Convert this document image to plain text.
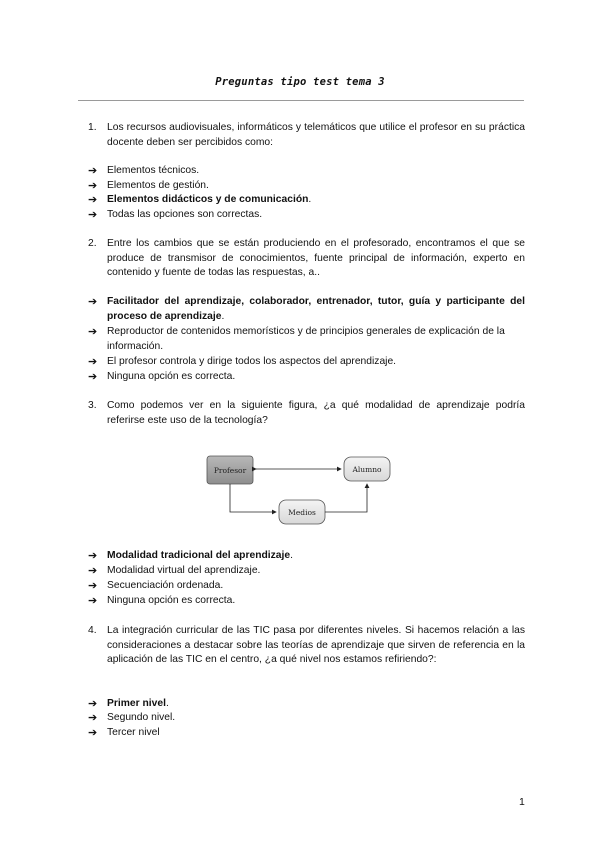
Preguntas tipo test tema 3
1. Los recursos audiovisuales, informáticos y telemáticos que utilice el profesor en su práctica docente deben ser percibidos como:
➔ Elementos técnicos.
➔ Elementos de gestión.
➔ Elementos didácticos y de comunicación.
➔ Todas las opciones son correctas.
2. Entre los cambios que se están produciendo en el profesorado, encontramos el que se produce de transmisor de conocimientos, fuente principal de información, experto en contenido y fuente de todas las respuestas, a..
➔ Facilitador del aprendizaje, colaborador, entrenador, tutor, guía y participante del proceso de aprendizaje.
➔ Reproductor de contenidos memorísticos y de principios generales de explicación de la información.
➔ El profesor controla y dirige todos los aspectos del aprendizaje.
➔ Ninguna opción es correcta.
3. Como podemos ver en la siguiente figura, ¿a qué modalidad de aprendizaje podría referirse este uso de la tecnología?
Profesor	Alumno
Medios
➔ Modalidad tradicional del aprendizaje.
➔ Modalidad virtual del aprendizaje.
➔ Secuenciación ordenada.
➔ Ninguna opción es correcta.
4. La integración curricular de las TIC pasa por diferentes niveles. Si hacemos relación a las consideraciones a destacar sobre las teorías de aprendizaje que sirven de referencia en la aplicación de las TIC en el centro, ¿a qué nivel nos estamos refiriendo?:
➔ Primer nivel.
➔ Segundo nivel.
➔ Tercer nivel
1
